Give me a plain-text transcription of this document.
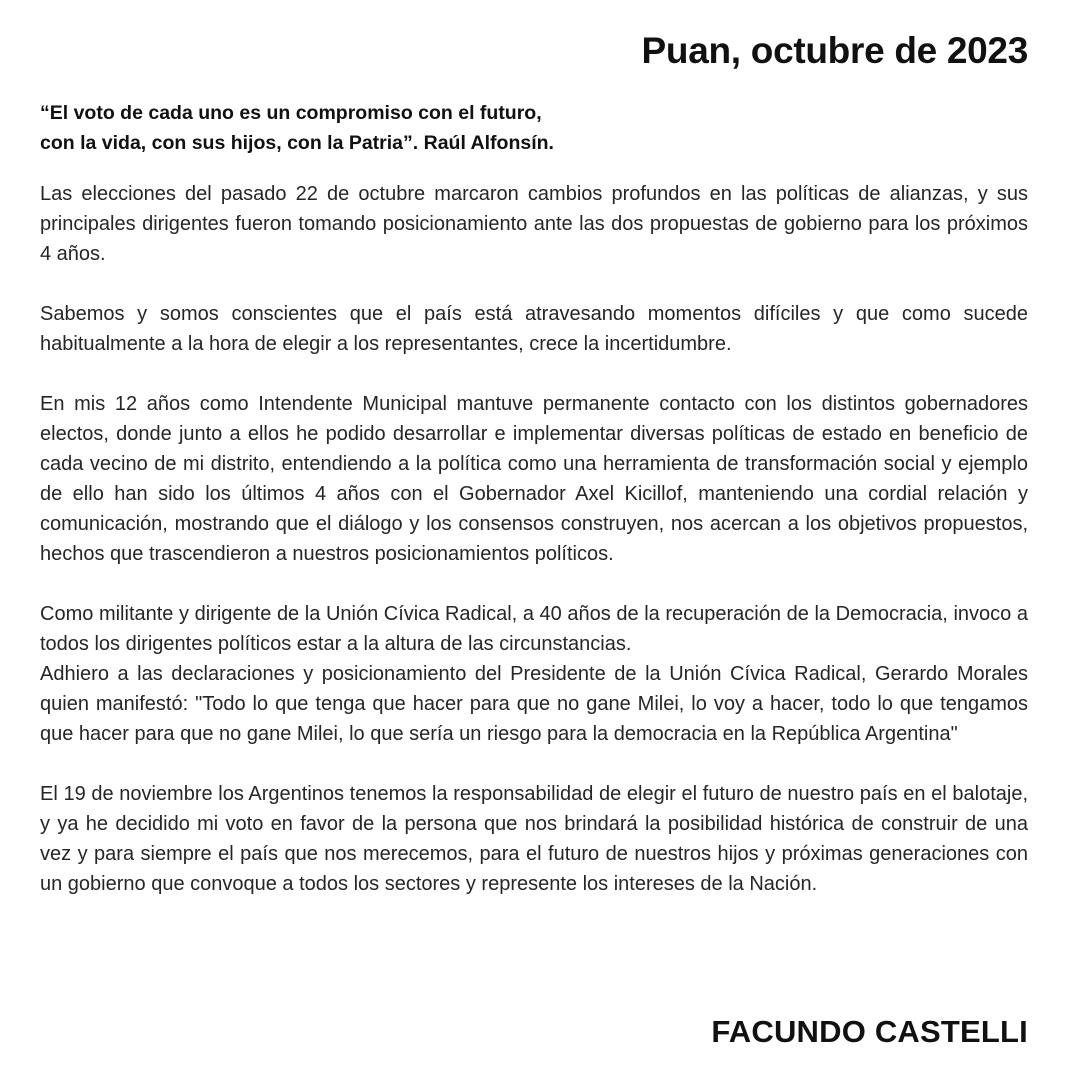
Puan, octubre de 2023
“El voto de cada uno es un compromiso con el futuro,
con la vida, con sus hijos, con la Patria”. Raúl Alfonsín.

Las elecciones del pasado 22 de octubre marcaron cambios profundos en las políticas de alianzas, y sus principales dirigentes fueron tomando posicionamiento ante las dos propuestas de gobierno para los próximos 4 años.

Sabemos y somos conscientes que el país está atravesando momentos difíciles y que como sucede habitualmente a la hora de elegir a los representantes, crece la incertidumbre.

En mis 12 años como Intendente Municipal mantuve permanente contacto con los distintos gobernadores electos, donde junto a ellos he podido desarrollar e implementar diversas políticas de estado en beneficio de cada vecino de mi distrito, entendiendo a la política como una herramienta de transformación social y ejemplo de ello han sido los últimos 4 años con el Gobernador Axel Kicillof, manteniendo una cordial relación y comunicación, mostrando que el diálogo y los consensos construyen, nos acercan a los objetivos propuestos, hechos que trascendieron a nuestros posicionamientos políticos.

Como militante y dirigente de la Unión Cívica Radical, a 40 años de la recuperación de la Democracia, invoco a todos los dirigentes políticos estar a la altura de las circunstancias.

Adhiero a las declaraciones y posicionamiento del Presidente de la Unión Cívica Radical, Gerardo Morales quien manifestó: "Todo lo que tenga que hacer para que no gane Milei, lo voy a hacer, todo lo que tengamos que hacer para que no gane Milei, lo que sería un riesgo para la democracia en la República Argentina"

El 19 de noviembre los Argentinos tenemos la responsabilidad de elegir el futuro de nuestro país en el balotaje, y ya he decidido mi voto en favor de la persona que nos brindará la posibilidad histórica de construir de una vez y para siempre el país que nos merecemos, para el futuro de nuestros hijos y próximas generaciones con un gobierno que convoque a todos los sectores y represente los intereses de la Nación.

FACUNDO CASTELLI
